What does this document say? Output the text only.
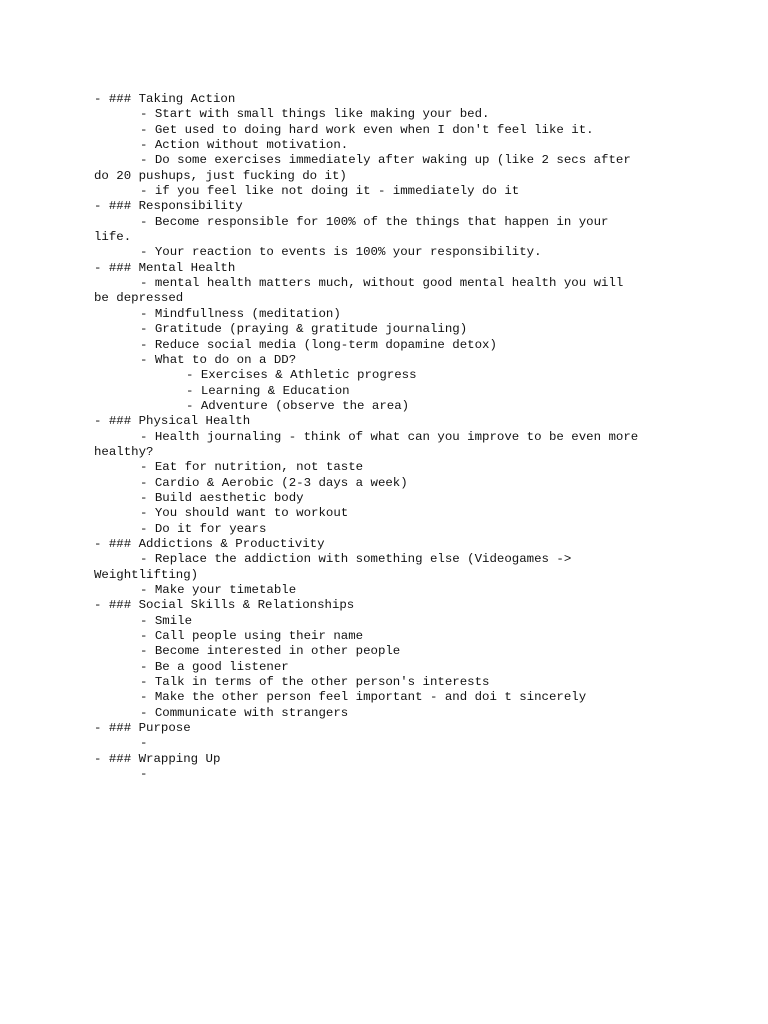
- ### Taking Action
- Start with small things like making your bed.
- Get used to doing hard work even when I don't feel like it.
- Action without motivation.
- Do some exercises immediately after waking up (like 2 secs after
do 20 pushups, just fucking do it)
- if you feel like not doing it - immediately do it
- ### Responsibility
- Become responsible for 100% of the things that happen in your
life.
- Your reaction to events is 100% your responsibility.
- ### Mental Health
- mental health matters much, without good mental health you will
be depressed
- Mindfullness (meditation)
- Gratitude (praying & gratitude journaling)
- Reduce social media (long-term dopamine detox)
- What to do on a DD?
- Exercises & Athletic progress
- Learning & Education
- Adventure (observe the area)
- ### Physical Health
- Health journaling - think of what can you improve to be even more
healthy?
- Eat for nutrition, not taste
- Cardio & Aerobic (2-3 days a week)
- Build aesthetic body
- You should want to workout
- Do it for years
- ### Addictions & Productivity
- Replace the addiction with something else (Videogames ->
Weightlifting)
- Make your timetable
- ### Social Skills & Relationships
- Smile
- Call people using their name
- Become interested in other people
- Be a good listener
- Talk in terms of the other person's interests
- Make the other person feel important - and doi t sincerely
- Communicate with strangers
- ### Purpose
-
- ### Wrapping Up
-
